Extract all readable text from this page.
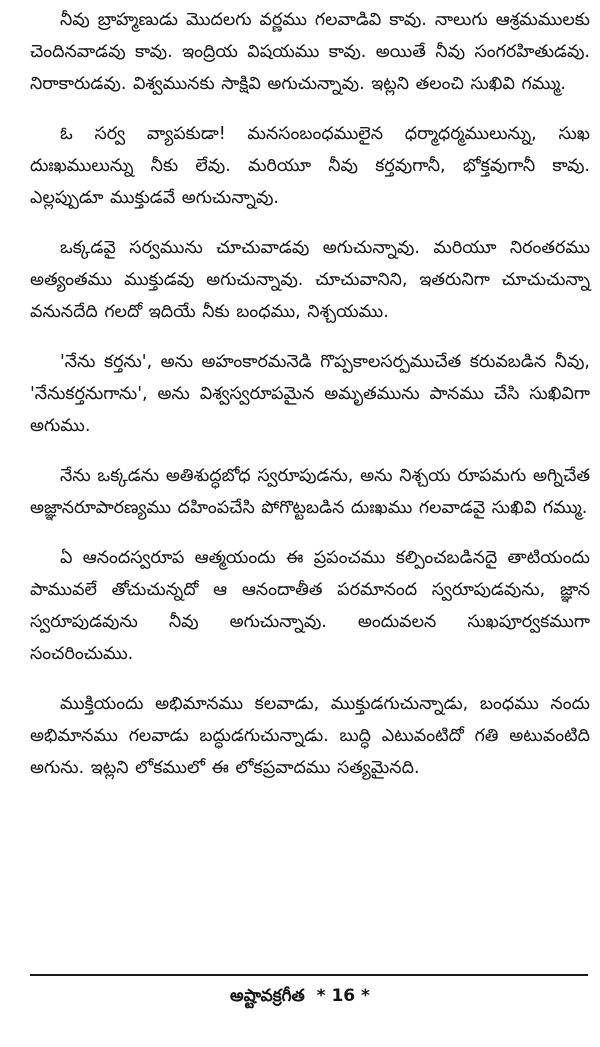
నీవు బ్రాహ్మణుడు మొదలగు వర్ణము గలవాడివి కావు. నాలుగు ఆశ్రమములకు చెందినవాడవు కావు. ఇంద్రియ విషయము కావు. అయితే నీవు సంగరహితుడవు. నిరాకారుడవు. విశ్వమునకు సాక్షివి అగుచున్నావు. ఇట్లని తలంచి సుఖివి గమ్ము.

ఓ సర్వ వ్యాపకుడా! మనసంబంధములైన ధర్మాధర్మములున్ను, సుఖ దుఃఖములున్ను నీకు లేవు. మరియూ నీవు కర్తవుగానీ, భోక్తవుగానీ కావు. ఎల్లప్పుడూ ముక్తుడవే అగుచున్నావు.

ఒక్కడవై సర్వమును చూచువాడవు అగుచున్నావు. మరియూ నిరంతరము అత్యంతము ముక్తుడవు అగుచున్నావు. చూచువానిని, ఇతరునిగా చూచుచున్నా వనునదేది గలదో ఇదియే నీకు బంధము, నిశ్చయము.

'నేను కర్తను', అను అహంకారమనెడి గొప్పకాలసర్పముచేత కరువబడిన నీవు, 'నేనుకర్తనుగాను', అను విశ్వస్వరూపమైన అమృతమును పానము చేసి సుఖివిగా అగుము.

నేను ఒక్కడను అతిశుద్ధబోధ స్వరూపుడను, అను నిశ్చయ రూపమగు అగ్నిచేత అజ్ఞానరూపారణ్యము దహింపచేసి పోగొట్టబడిన దుఃఖము గలవాడవై సుఖివి గమ్ము.

ఏ ఆనందస్వరూప ఆత్మయందు ఈ ప్రపంచము కల్పించబడినదై తాటియందు పామువలే తోచుచున్నదో ఆ ఆనందాతీత పరమానంద స్వరూపుడవును, జ్ఞాన స్వరూపుడవును నీవు అగుచున్నావు. అందువలన సుఖపూర్వకముగా సంచరించుము.

ముక్తియందు అభిమానము కలవాడు, ముక్తుడగుచున్నాడు, బంధము నందు అభిమానము గలవాడు బద్ధుడగుచున్నాడు. బుద్ధి ఎటువంటిదో గతి అటువంటిది అగును. ఇట్లని లోకములో ఈ లోకప్రవాదము సత్యమైనది.

అష్టావక్రగీత * 16 *
